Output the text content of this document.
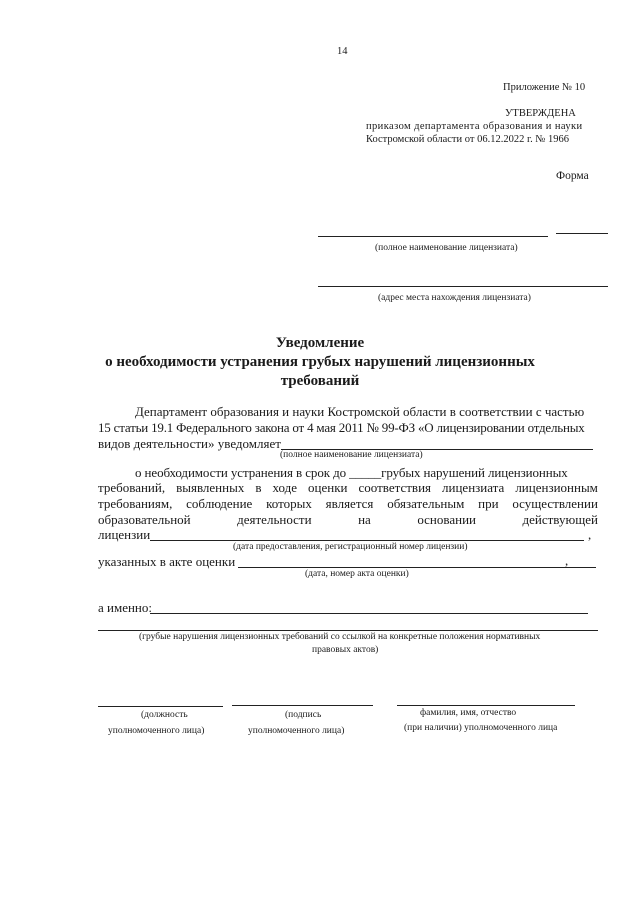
14
Приложение № 10
УТВЕРЖДЕНА
приказом департамента образования и науки
Костромской области от 06.12.2022 г. № 1966
Форма
(полное наименование лицензиата)
(адрес места нахождения лицензиата)
Уведомление
о необходимости устранения грубых нарушений лицензионных
требований
Департамент образования и науки Костромской области в соответствии с частью
15 статьи 19.1 Федерального закона от 4 мая 2011 № 99-ФЗ «О лицензировании отдельных
видов деятельности» уведомляет
(полное наименование лицензиата)
о необходимости устранения в срок до _____грубых нарушений лицензионных
требований, выявленных в ходе оценки соответствия лицензиата лицензионным
требованиям, соблюдение которых является обязательным при осуществлении
образовательной	деятельности	на	основании	действующей
лицензии	,
(дата предоставления, регистрационный номер лицензии)
указанных в акте оценки	,
(дата, номер акта оценки)
а именно:
(грубые нарушения лицензионных требований со ссылкой на конкретные положения нормативных
правовых актов)
(должность
уполномоченного лица)
(подпись
уполномоченного лица)
фамилия, имя, отчество
(при наличии) уполномоченного лица
